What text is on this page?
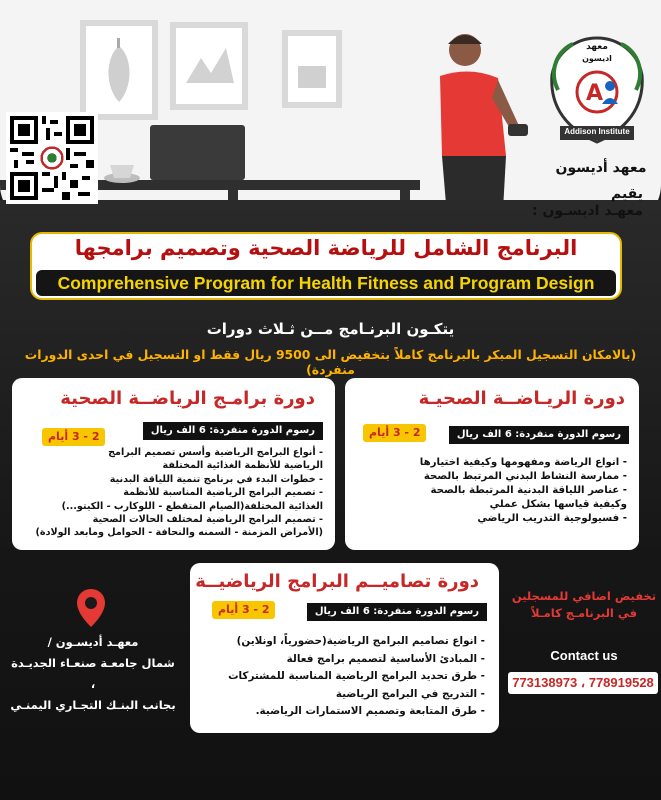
A
معهد
اديسون
Addison Institute
معهد أديسون
يقيم
معهـد اديسـون :
البرنامج الشامل للرياضة الصحية وتصميم برامجها
Comprehensive Program for Health Fitness and Program Design
يتكـون البرنـامج مــن ثـلاث دورات
(بالامكان التسجيل المبكر بالبرنامج كاملاً بتخفيض الى 9500 ريال فقط او التسجيل في احدى الدورات منفردة)
دورة الريـاضــة الصحيـة
رسوم الدورة منفردة: 6 الف ريال
2 - 3 أيام
- انواع الرياضة ومفهومها وكيفية اختيارها
- ممارسة النشاط البدني المرتبط بالصحة
- عناصر اللياقة البدنية المرتبطة بالصحة
وكيفية قياسها بشكل عملي
- فسيولوجية التدريب الرياضي
دورة برامـج الرياضــة الصحية
رسوم الدورة منفردة: 6 الف ريال
2 - 3 أيام
- أنواع البرامج الرياضية وأسس تصميم البرامج
الرياضية للأنظمة الغذائية المختلفة
- خطوات البدء في برنامج تنمية اللياقة البدنية
- تصميم البرامج الرياضية المناسبة للأنظمة
الغذائية المختلفة(الصيام المتقطع - اللوكارب - الكيتو...)
- تصميم البرامج الرياضية لمختلف الحالات الصحية
(الأمراض المزمنة - السمنه والنحافة - الحوامل ومابعد الولادة)
دورة تصاميــم البرامج الرياضيــة
رسوم الدورة منفردة: 6 الف ريال
2 - 3 أيام
- انواع تصاميم البرامج الرياضية(حضورياً، اونلاين)
- المبادئ الأساسية لتصميم برامج فعالة
- طرق تحديد البرامج الرياضية المناسبة للمشتركات
- التدريج في البرامج الرياضية
- طرق المتابعة وتصميم الاستمارات الرياضية.
تخفيض اضافي للمسجلين
في البرنامـج كامـلاً
Contact us
773138973 ، 778919528
معهـد أديسـون /
شمال جامعـة صنعـاء الجديـدة ،
بجانب البنـك التجـاري اليمنـي
